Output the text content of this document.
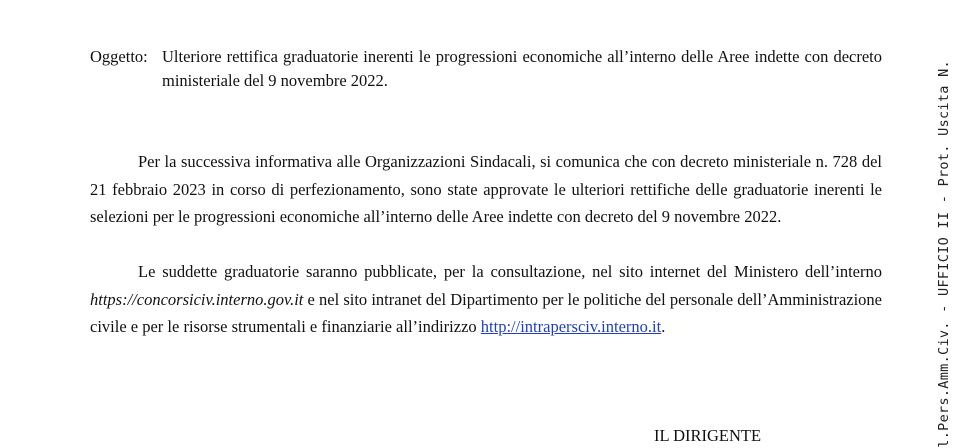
Oggetto: Ulteriore rettifica graduatorie inerenti le progressioni economiche all’interno delle Aree indette con decreto ministeriale del 9 novembre 2022.
Per la successiva informativa alle Organizzazioni Sindacali, si comunica che con decreto ministeriale n. 728 del 21 febbraio 2023 in corso di perfezionamento, sono state approvate le ulteriori rettifiche delle graduatorie inerenti le selezioni per le progressioni economiche all’interno delle Aree indette con decreto del 9 novembre 2022.
Le suddette graduatorie saranno pubblicate, per la consultazione, nel sito internet del Ministero dell’interno https://concorsiciv.interno.gov.it e nel sito intranet del Dipartimento per le politiche del personale dell’Amministrazione civile e per le risorse strumentali e finanziarie all’indirizzo http://intrapersciv.interno.it.
IL DIRIGENTE	l.Pers.Amm.Civ. - UFFICIO II - Prot. Uscita N.
